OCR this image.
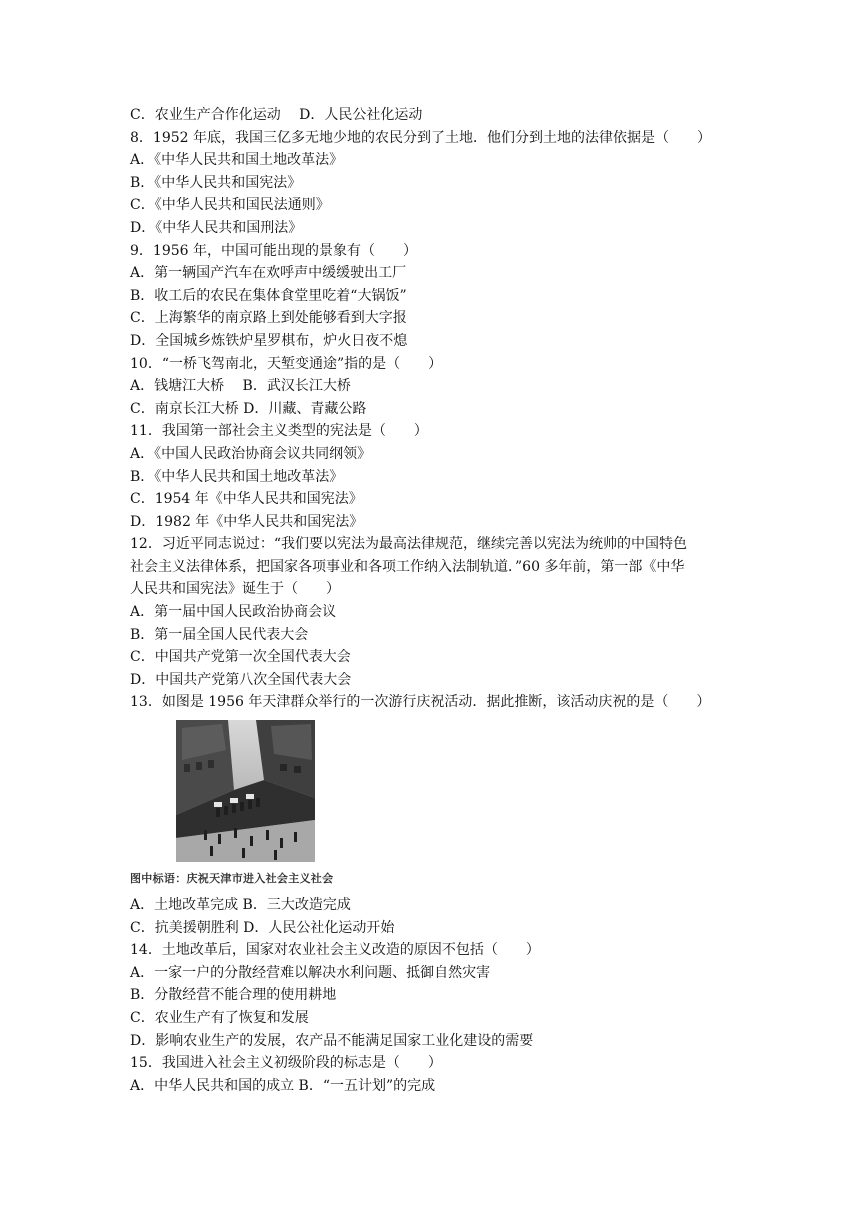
C．农业生产合作化运动　 D．人民公社化运动
8．1952 年底，我国三亿多无地少地的农民分到了土地．他们分到土地的法律依据是（　　）
A．《中华人民共和国土地改革法》
B．《中华人民共和国宪法》
C．《中华人民共和国民法通则》
D．《中华人民共和国刑法》
9．1956 年，中国可能出现的景象有（　　）
A．第一辆国产汽车在欢呼声中缓缓驶出工厂
B．收工后的农民在集体食堂里吃着“大锅饭”
C．上海繁华的南京路上到处能够看到大字报
D．全国城乡炼铁炉星罗棋布，炉火日夜不熄
10．“一桥飞驾南北，天堑变通途”指的是（　　）
A．钱塘江大桥　 B．武汉长江大桥
C．南京长江大桥 D．川藏、青藏公路
11．我国第一部社会主义类型的宪法是（　　）
A．《中国人民政治协商会议共同纲领》
B．《中华人民共和国土地改革法》
C．1954 年《中华人民共和国宪法》
D．1982 年《中华人民共和国宪法》
12．习近平同志说过：“我们要以宪法为最高法律规范，继续完善以宪法为统帅的中国特色
社会主义法律体系，把国家各项事业和各项工作纳入法制轨道．”60 多年前，第一部《中华
人民共和国宪法》诞生于（　　）
A．第一届中国人民政治协商会议
B．第一届全国人民代表大会
C．中国共产党第一次全国代表大会
D．中国共产党第八次全国代表大会
13．如图是 1956 年天津群众举行的一次游行庆祝活动．据此推断，该活动庆祝的是（　　）
图中标语：庆祝天津市进入社会主义社会
A．土地改革完成 B．三大改造完成
C．抗美援朝胜利 D．人民公社化运动开始
14．土地改革后，国家对农业社会主义改造的原因不包括（　　）
A．一家一户的分散经营难以解决水利问题、抵御自然灾害
B．分散经营不能合理的使用耕地
C．农业生产有了恢复和发展
D．影响农业生产的发展，农产品不能满足国家工业化建设的需要
15．我国进入社会主义初级阶段的标志是（　　）
A．中华人民共和国的成立 B．“一五计划”的完成
